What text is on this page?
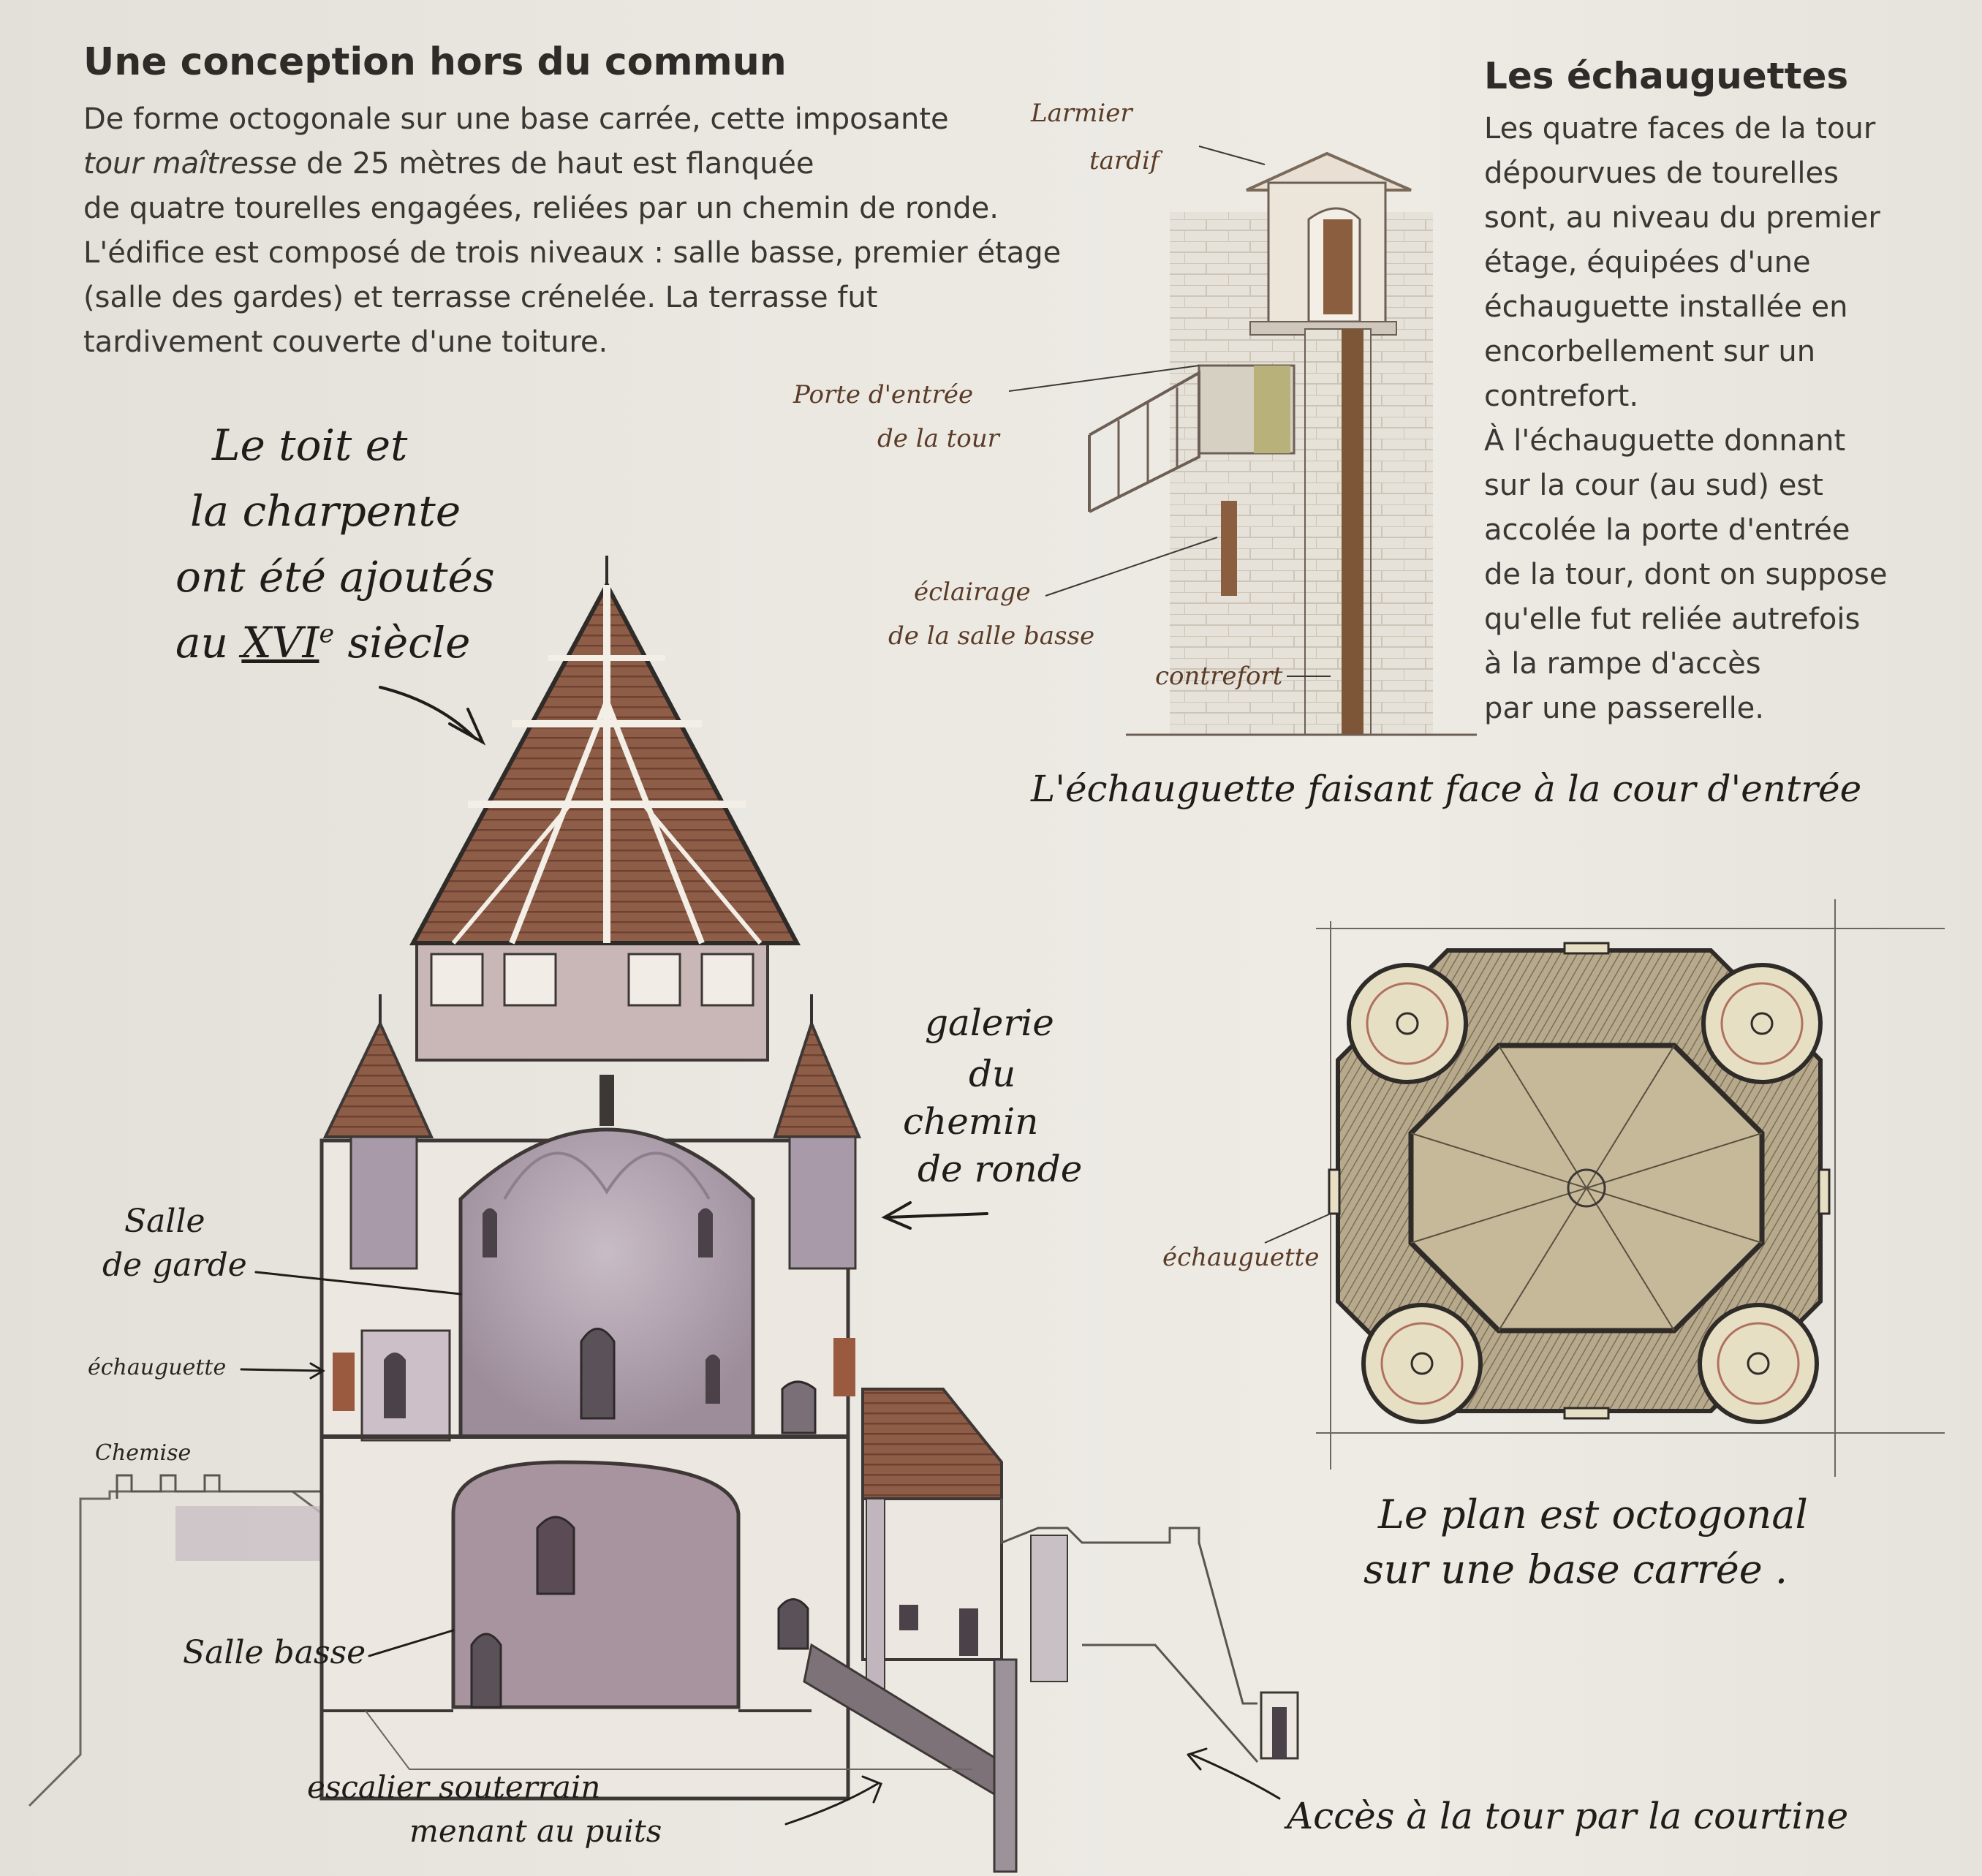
Une conception hors du commun
De forme octogonale sur une base carrée, cette imposante
tour maîtresse de 25 mètres de haut est flanquée
de quatre tourelles engagées, reliées par un chemin de ronde.
L'édifice est composé de trois niveaux : salle basse, premier étage
(salle des gardes) et terrasse crénelée. La terrasse fut
tardivement couverte d'une toiture.
Les échauguettes
Les quatre faces de la tour
dépourvues de tourelles
sont, au niveau du premier
étage, équipées d'une
échauguette installée en
encorbellement sur un
contrefort.
À l'échauguette donnant
sur la cour (au sud) est
accolée la porte d'entrée
de la tour, dont on suppose
qu'elle fut reliée autrefois
à la rampe d'accès
par une passerelle.
Le toit et
la charpente
ont été ajoutés
au XVIe siècle
galerie
du
chemin
de ronde
Salle
de garde
échauguette
Chemise
Salle basse
escalier souterrain
menant au puits	Accès à la tour par la courtine
Le plan est octogonal
sur une base carrée .
échauguette
L'échauguette faisant face à la cour d'entrée
Larmier
tardif
Porte d'entrée
de la tour
éclairage
de la salle basse
contrefort
